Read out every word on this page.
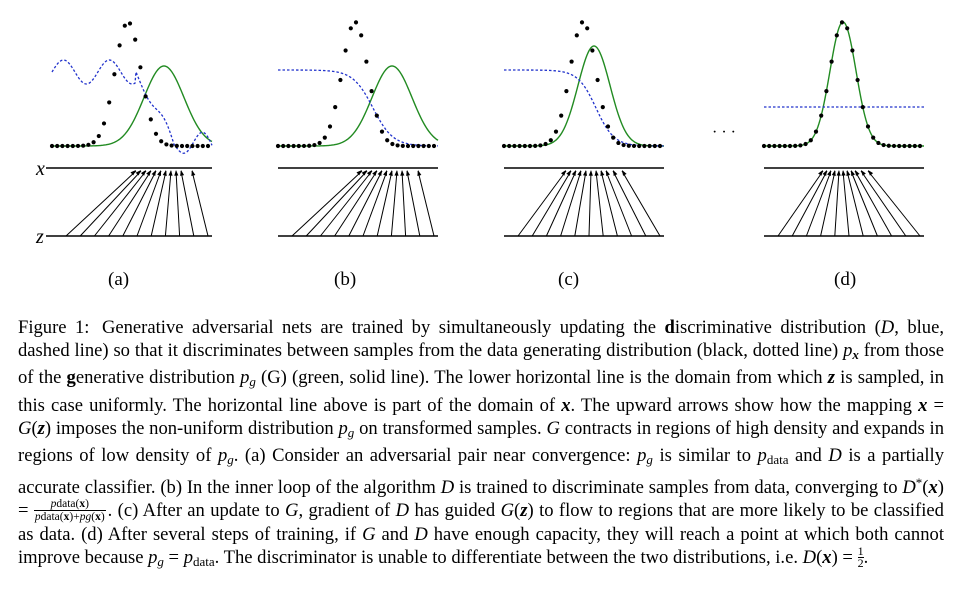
(a)	(b)	(c)	(d)
x
z
· · ·
Figure 1: Generative adversarial nets are trained by simultaneously updating the discriminative distribution (D, blue, dashed line) so that it discriminates between samples from the data generating distribution (black, dotted line) px from those of the generative distribution pg (G) (green, solid line). The lower horizontal line is the domain from which z is sampled, in this case uniformly. The horizontal line above is part of the domain of x. The upward arrows show how the mapping x = G(z) imposes the non-uniform distribution pg on transformed samples. G contracts in regions of high density and expands in regions of low density of pg. (a) Consider an adversarial pair near convergence: pg is similar to $p_{data}$ and D is a partially accurate classifier. (b) In the inner loop of the algorithm D is trained to discriminate samples from data, converging to $D^*(x) = \frac{\text{pdata(x)}}{\text{pdata(x)+pg(x)}}$ . (c) After an update to G, gradient of D has guided G(z) to flow to regions that are more likely to be classified as data. (d) After several steps of training, if G and D have enough capacity, they will reach a point at which both cannot improve because pg = $p_{data}$. The discriminator is unable to differentiate between the two distributions, i.e. $D(x) = \frac{1}{2}$.
